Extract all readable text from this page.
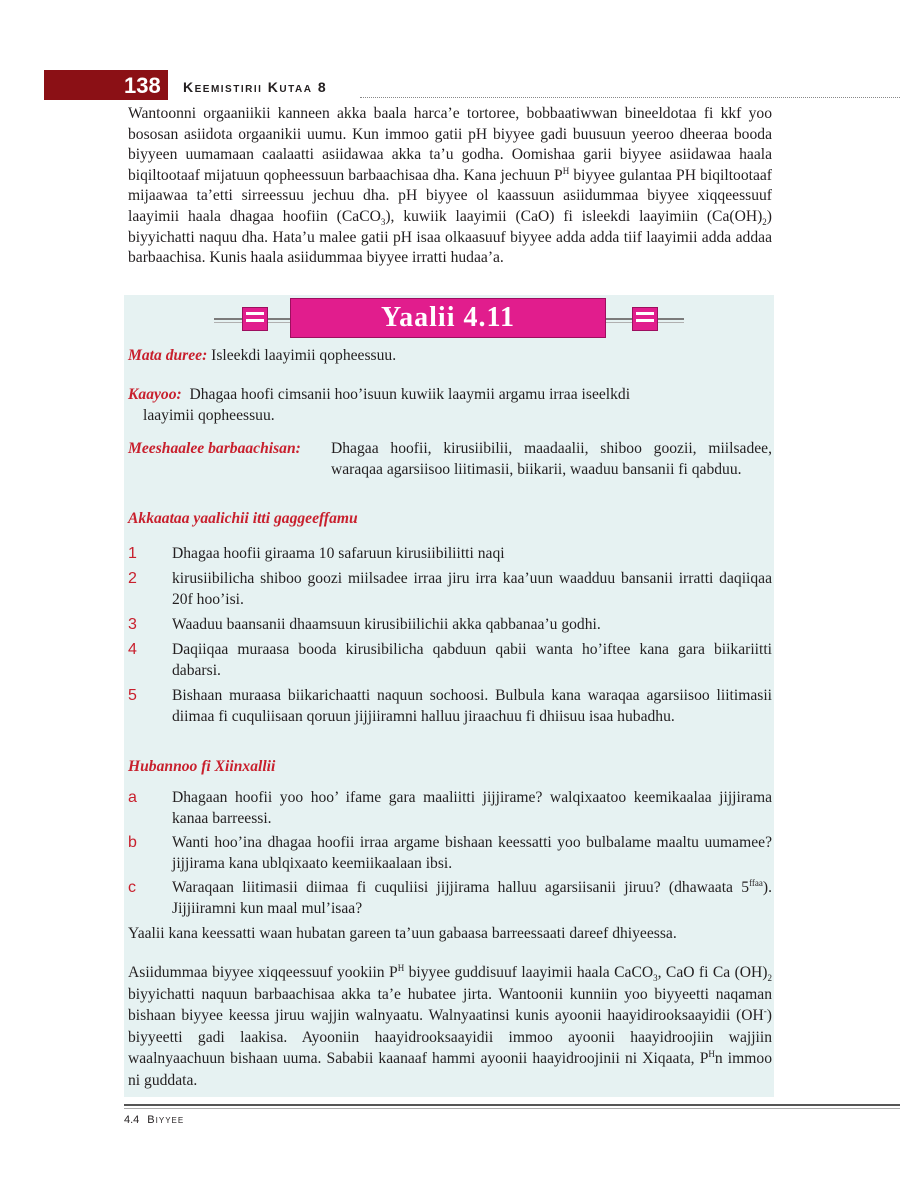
138 Keemistirii Kutaa 8

Wantoonni orgaaniikii kanneen akka baala harca’e tortoree, bobbaatiwwan bineeldotaa fi kkf yoo bososan asiidota orgaanikii uumu. Kun immoo gatii pH biyyee gadi buusuun yeeroo dheeraa booda biyyeen uumamaan caalaatti asiidawaa akka ta’u godha. Oomishaa garii biyyee asiidawaa haala biqiltootaaf mijatuun qopheessuun barbaachisaa dha. Kana jechuun $P^H$ biyyee gulantaa PH biqiltootaaf mijaawaa ta’etti sirreessuu jechuu dha. pH biyyee ol kaassuun asiidummaa biyyee xiqqeessuuf laayimii haala dhagaa hoofiin (CaCO$_3$), kuwiik laayimii (CaO) fi isleekdi laayimiin $(Ca(OH)_2)$ biyyichatti naquu dha. Hata’u malee gatii pH isaa olkaasuuf biyyee adda adda tiif laayimii adda addaa barbaachisa. Kunis haala asiidummaa biyyee irratti hudaa’a.

Yaalii 4.11
Mata duree: Isleekdi laayimii qopheessuu.
Kaayoo: Dhagaa hoofi cimsanii hoo’isuun kuwiik laaymii argamu irraa iseelkdi
laayimii qopheessuu.
Meeshaalee barbaachisan: Dhagaa hoofii, kirusiibilii, maadaalii, shiboo goozii, miilsadee, waraqaa agarsiisoo liitimasii, biikarii, waaduu bansanii fi qabduu.
Akkaataa yaalichii itti gaggeeffamu
1 Dhagaa hoofii giraama 10 safaruun kirusiibiliitti naqi
2 kirusiibilicha shiboo goozi miilsadee irraa jiru irra kaa’uun waadduu bansanii irratti daqiiqaa 20f hoo’isi.
3 Waaduu baansanii dhaamsuun kirusibiilichii akka qabbanaa’u godhi.
4 Daqiiqaa muraasa booda kirusibilicha qabduun qabii wanta ho’iftee kana gara biikariitti dabarsi.
5 Bishaan muraasa biikarichaatti naquun sochoosi. Bulbula kana waraqaa agarsiisoo liitimasii diimaa fi cuquliisaan qoruun jijjiiramni halluu jiraachuu fi dhiisuu isaa hubadhu.
Hubannoo fi Xiinxallii
a Dhagaan hoofii yoo hoo’ ifame gara maaliitti jijjirame? walqixaatoo keemikaalaa jijjirama kanaa barreessi.
b Wanti hoo’ina dhagaa hoofii irraa argame bishaan keessatti yoo bulbalame maaltu uumamee? jijjirama kana ublqixaato keemiikaalaan ibsi.
c Waraqaan liitimasii diimaa fi cuquliisi jijjirama halluu agarsiisanii jiruu? (dhawaata $5^{ffaa}$). Jijjiiramni kun maal mul’isaa?
Yaalii kana keessatti waan hubatan gareen ta’uun gabaasa barreessaati dareef dhiyeessa.

Asiidummaa biyyee xiqqeessuuf yookiin $P^H$ biyyee guddisuuf laayimii haala CaCO$_3$, CaO fi Ca $(OH)_2$ biyyichatti naquun barbaachisaa akka ta’e hubatee jirta. Wantoonii kunniin yoo biyyeetti naqaman bishaan biyyee keessa jiruu wajjin walnyaatu. Walnyaatinsi kunis ayoonii haayidirooksaayidii (OH-) biyyeetti gadi laakisa. Ayooniin haayidrooksaayidii immoo ayoonii haayidroojiin wajjiin waalnyaachuun bishaan uuma. Sababii kaanaaf hammi ayoonii haayidroojinii ni Xiqaata, $P^Hn$ immoo ni guddata.

4.4 Biyyee
